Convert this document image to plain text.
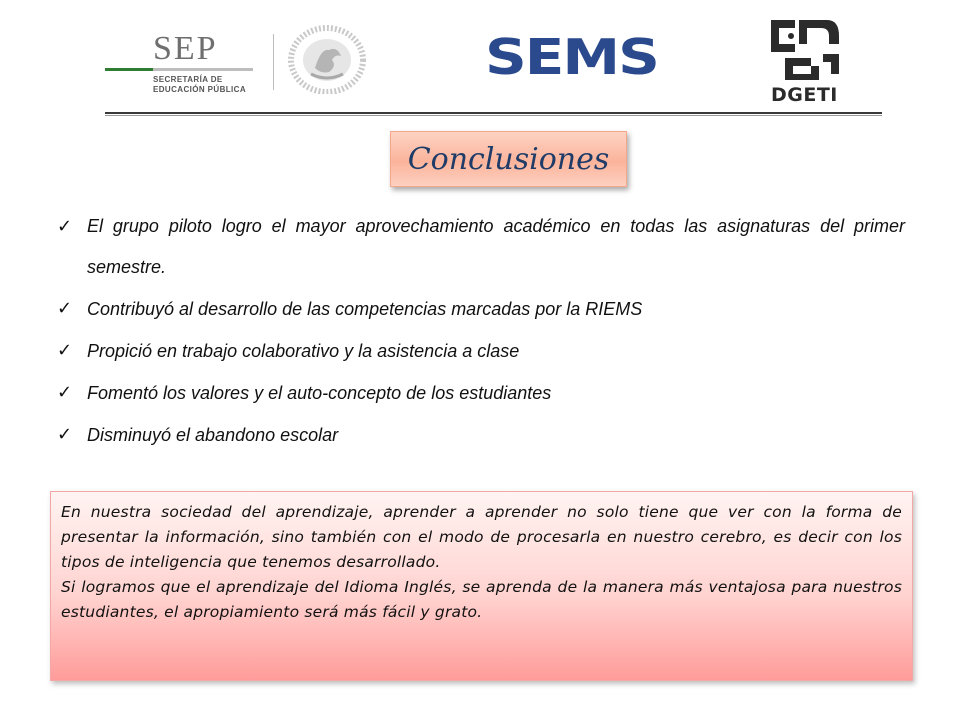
SEP
SECRETARÍA DE
EDUCACIÓN PÚBLICA
SEMS
DGETI
Conclusiones
✓ El grupo piloto logro el mayor aprovechamiento académico en todas las asignaturas del primer semestre.
✓ Contribuyó al desarrollo de las competencias marcadas por la RIEMS
✓ Propició en trabajo colaborativo y la asistencia a clase
✓ Fomentó los valores y el auto-concepto de los estudiantes
✓ Disminuyó el abandono escolar

En nuestra sociedad del aprendizaje, aprender a aprender no solo tiene que ver con la forma de presentar la información, sino también con el modo de procesarla en nuestro cerebro, es decir con los tipos de inteligencia que tenemos desarrollado.

Si logramos que el aprendizaje del Idioma Inglés, se aprenda de la manera más ventajosa para nuestros estudiantes, el apropiamiento será más fácil y grato.
